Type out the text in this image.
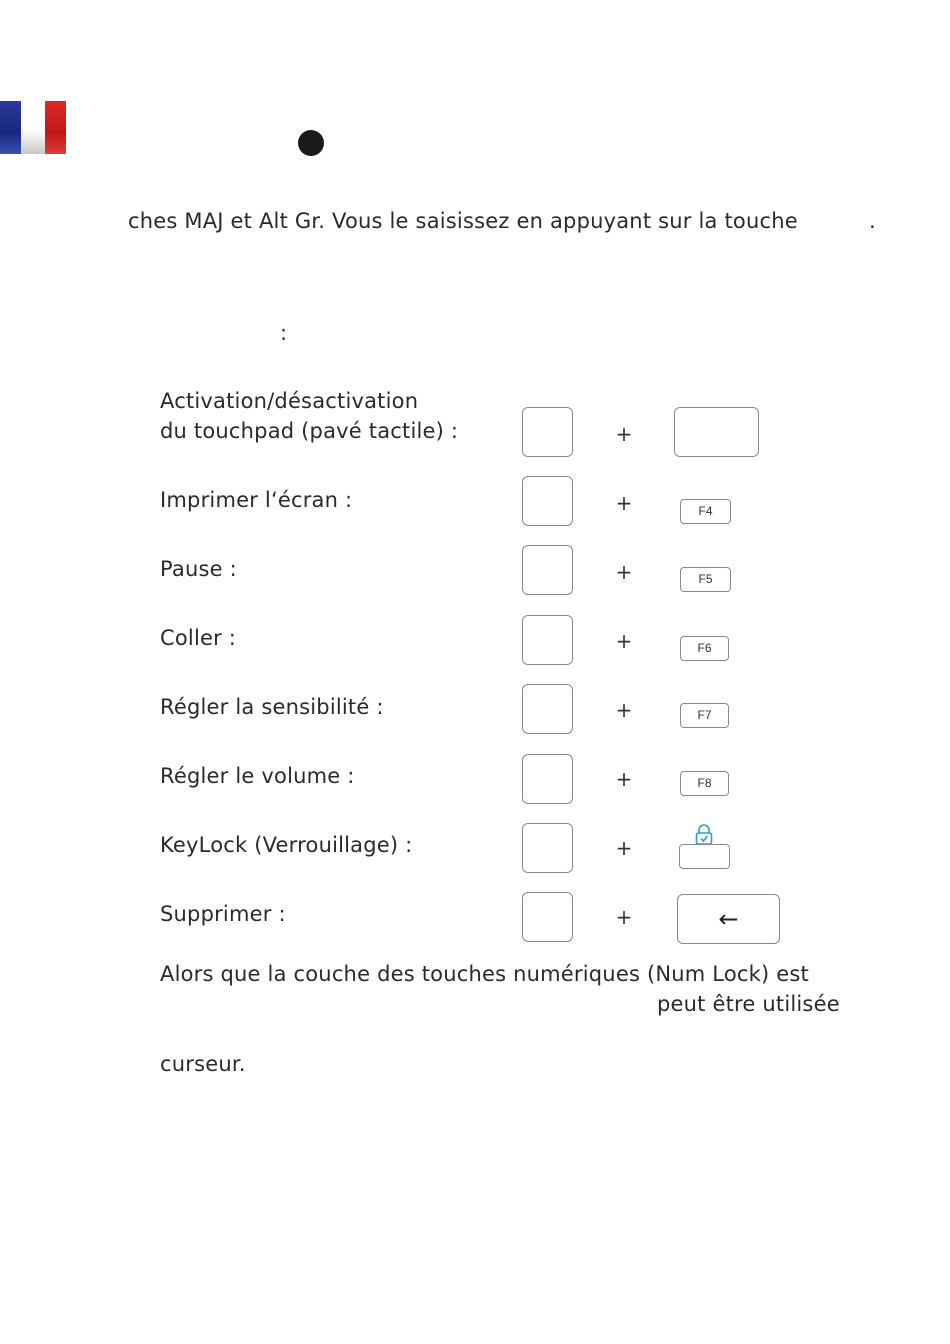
ches MAJ et Alt Gr. Vous le saisissez en appuyant sur la touche	.
:
Activation/désactivation
du touchpad (pavé tactile) :	+
Imprimer l‘écran :	+	F4
Pause :	+	F5
Coller :	+	F6
Régler la sensibilité :	+	F7
Régler le volume :	+	F8
KeyLock (Verrouillage) :	+
Supprimer :	+	←
Alors que la couche des touches numériques (Num Lock) est
peut être utilisée
curseur.
